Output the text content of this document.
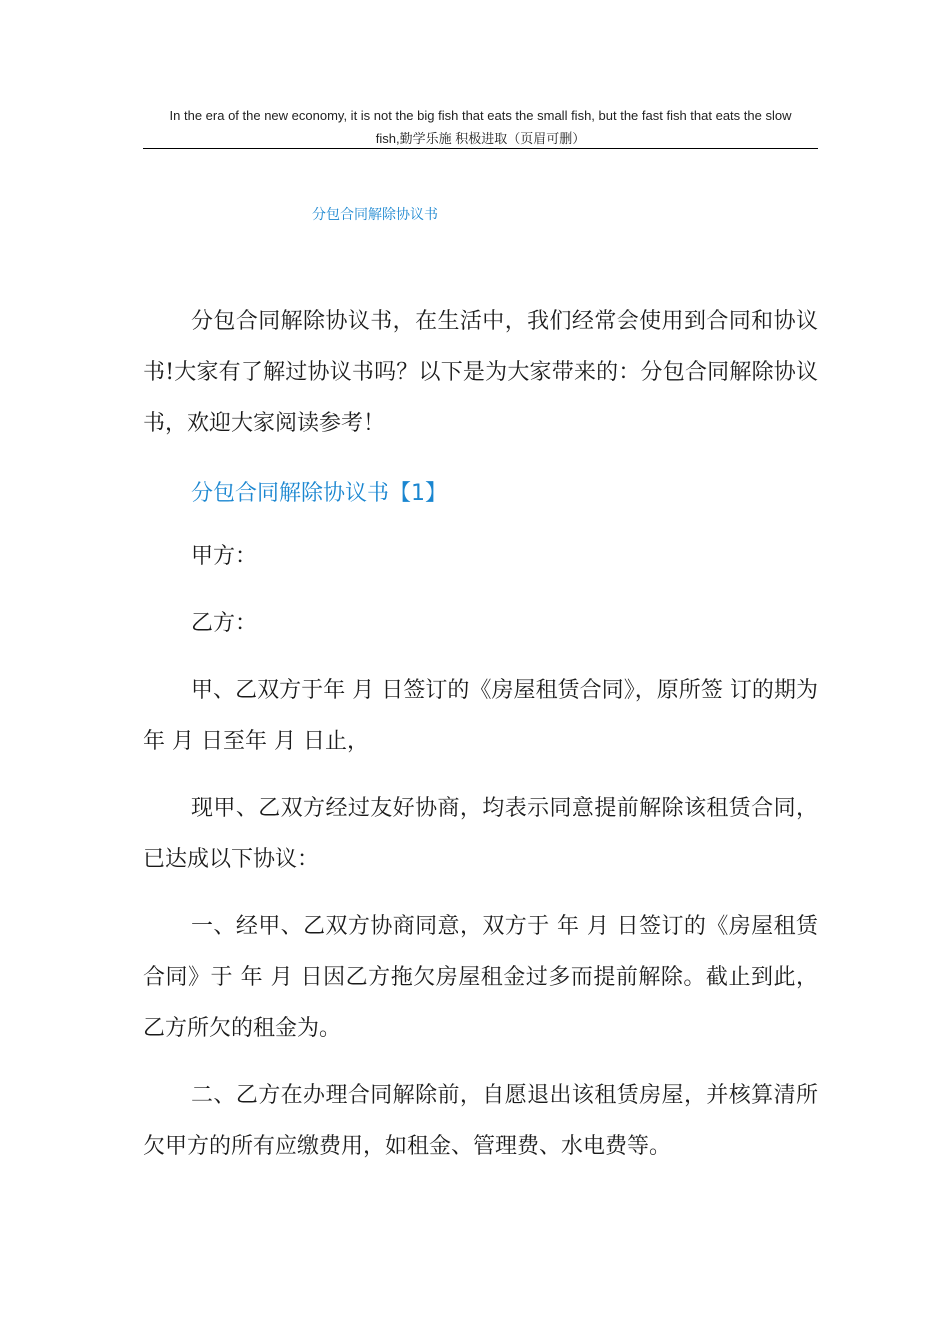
In the era of the new economy, it is not the big fish that eats the small fish, but the fast fish that eats the slow
fish,勤学乐施 积极进取（页眉可删）
分包合同解除协议书

分包合同解除协议书，在生活中，我们经常会使用到合同和协议书!大家有了解过协议书吗？以下是为大家带来的：分包合同解除协议书，欢迎大家阅读参考！

分包合同解除协议书【1】

甲方：

乙方：

甲、乙双方于年 月 日签订的《房屋租赁合同》，原所签 订的期为年 月 日至年 月 日止，

现甲、乙双方经过友好协商，均表示同意提前解除该租赁合同，已达成以下协议：

一、经甲、乙双方协商同意，双方于 年 月 日签订的《房屋租赁合同》于 年 月 日因乙方拖欠房屋租金过多而提前解除。截止到此，乙方所欠的租金为。

二、乙方在办理合同解除前，自愿退出该租赁房屋，并核算清所欠甲方的所有应缴费用，如租金、管理费、水电费等。
